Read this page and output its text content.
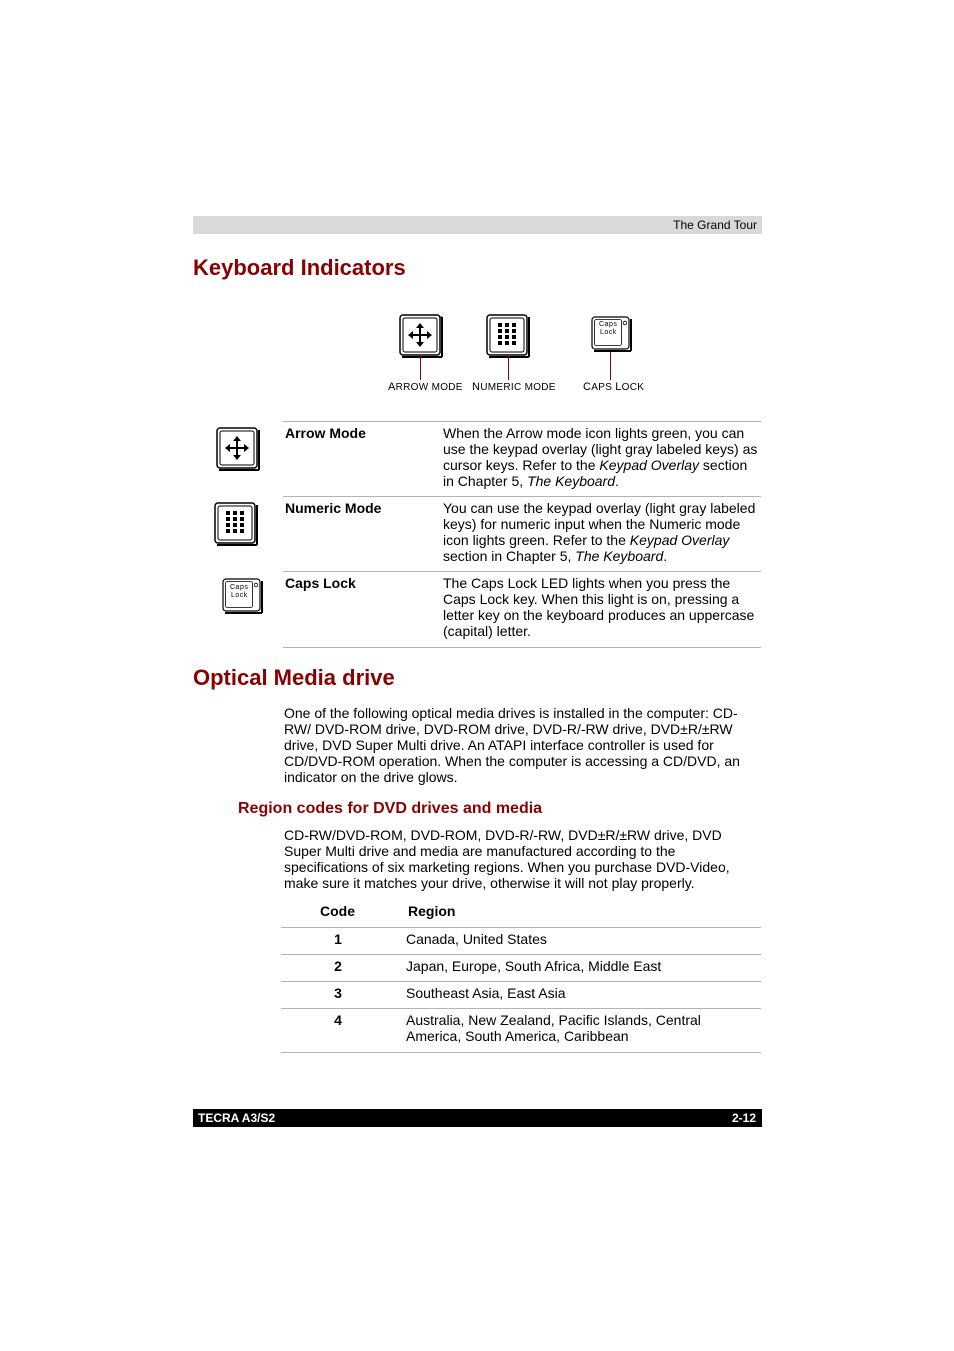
The Grand Tour
Keyboard Indicators
Caps
Lock
ARROW MODE NUMERIC MODE CAPS LOCK
Caps
Lock
Arrow Mode	When the Arrow mode icon lights green, you can use the keypad overlay (light gray labeled keys) as cursor keys. Refer to the Keypad Overlay section in Chapter 5, The Keyboard.
Numeric Mode	You can use the keypad overlay (light gray labeled keys) for numeric input when the Numeric mode icon lights green. Refer to the Keypad Overlay section in Chapter 5, The Keyboard.
Caps Lock	The Caps Lock LED lights when you press the Caps Lock key. When this light is on, pressing a letter key on the keyboard produces an uppercase (capital) letter.
Optical Media drive
One of the following optical media drives is installed in the computer: CD-RW/ DVD-ROM drive, DVD-ROM drive, DVD-R/-RW drive, DVD±R/±RW drive, DVD Super Multi drive. An ATAPI interface controller is used for CD/DVD-ROM operation. When the computer is accessing a CD/DVD, an indicator on the drive glows.
Region codes for DVD drives and media
CD-RW/DVD-ROM, DVD-ROM, DVD-R/-RW, DVD±R/±RW drive, DVD Super Multi drive and media are manufactured according to the specifications of six marketing regions. When you purchase DVD-Video, make sure it matches your drive, otherwise it will not play properly.
Code	Region
1	Canada, United States
2	Japan, Europe, South Africa, Middle East
3	Southeast Asia, East Asia
4	Australia, New Zealand, Pacific Islands, Central America, South America, Caribbean
TECRA A3/S2	2-12
